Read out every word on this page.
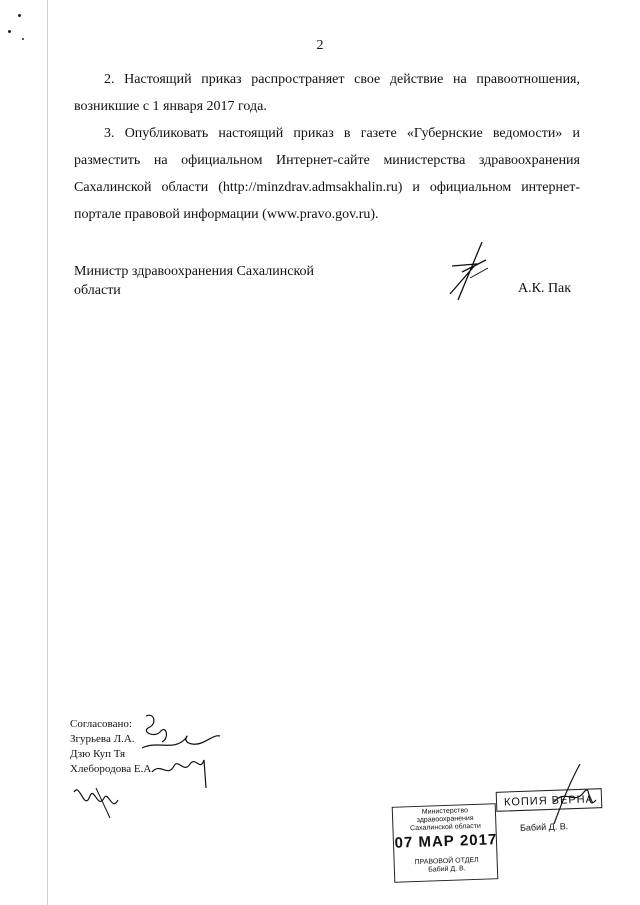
2
2. Настоящий приказ распространяет свое действие на правоотношения, возникшие с 1 января 2017 года.
3. Опубликовать настоящий приказ в газете «Губернские ведомости» и разместить на официальном Интернет-сайте министерства здравоохранения Сахалинской области (http://minzdrav.admsakhalin.ru) и официальном интернет-портале правовой информации (www.pravo.gov.ru).
Министр здравоохранения Сахалинской
области	А.К. Пак
Согласовано:
Згурьева Л.А.
Дзю Куп Тя
Хлебородова Е.А.
КОПИЯ ВЕРНА
Бабий Д. В.
Министерство здравоохранения
Сахалинской области
07 МАР 2017
ПРАВОВОЙ ОТДЕЛ
Бабий Д. В.
